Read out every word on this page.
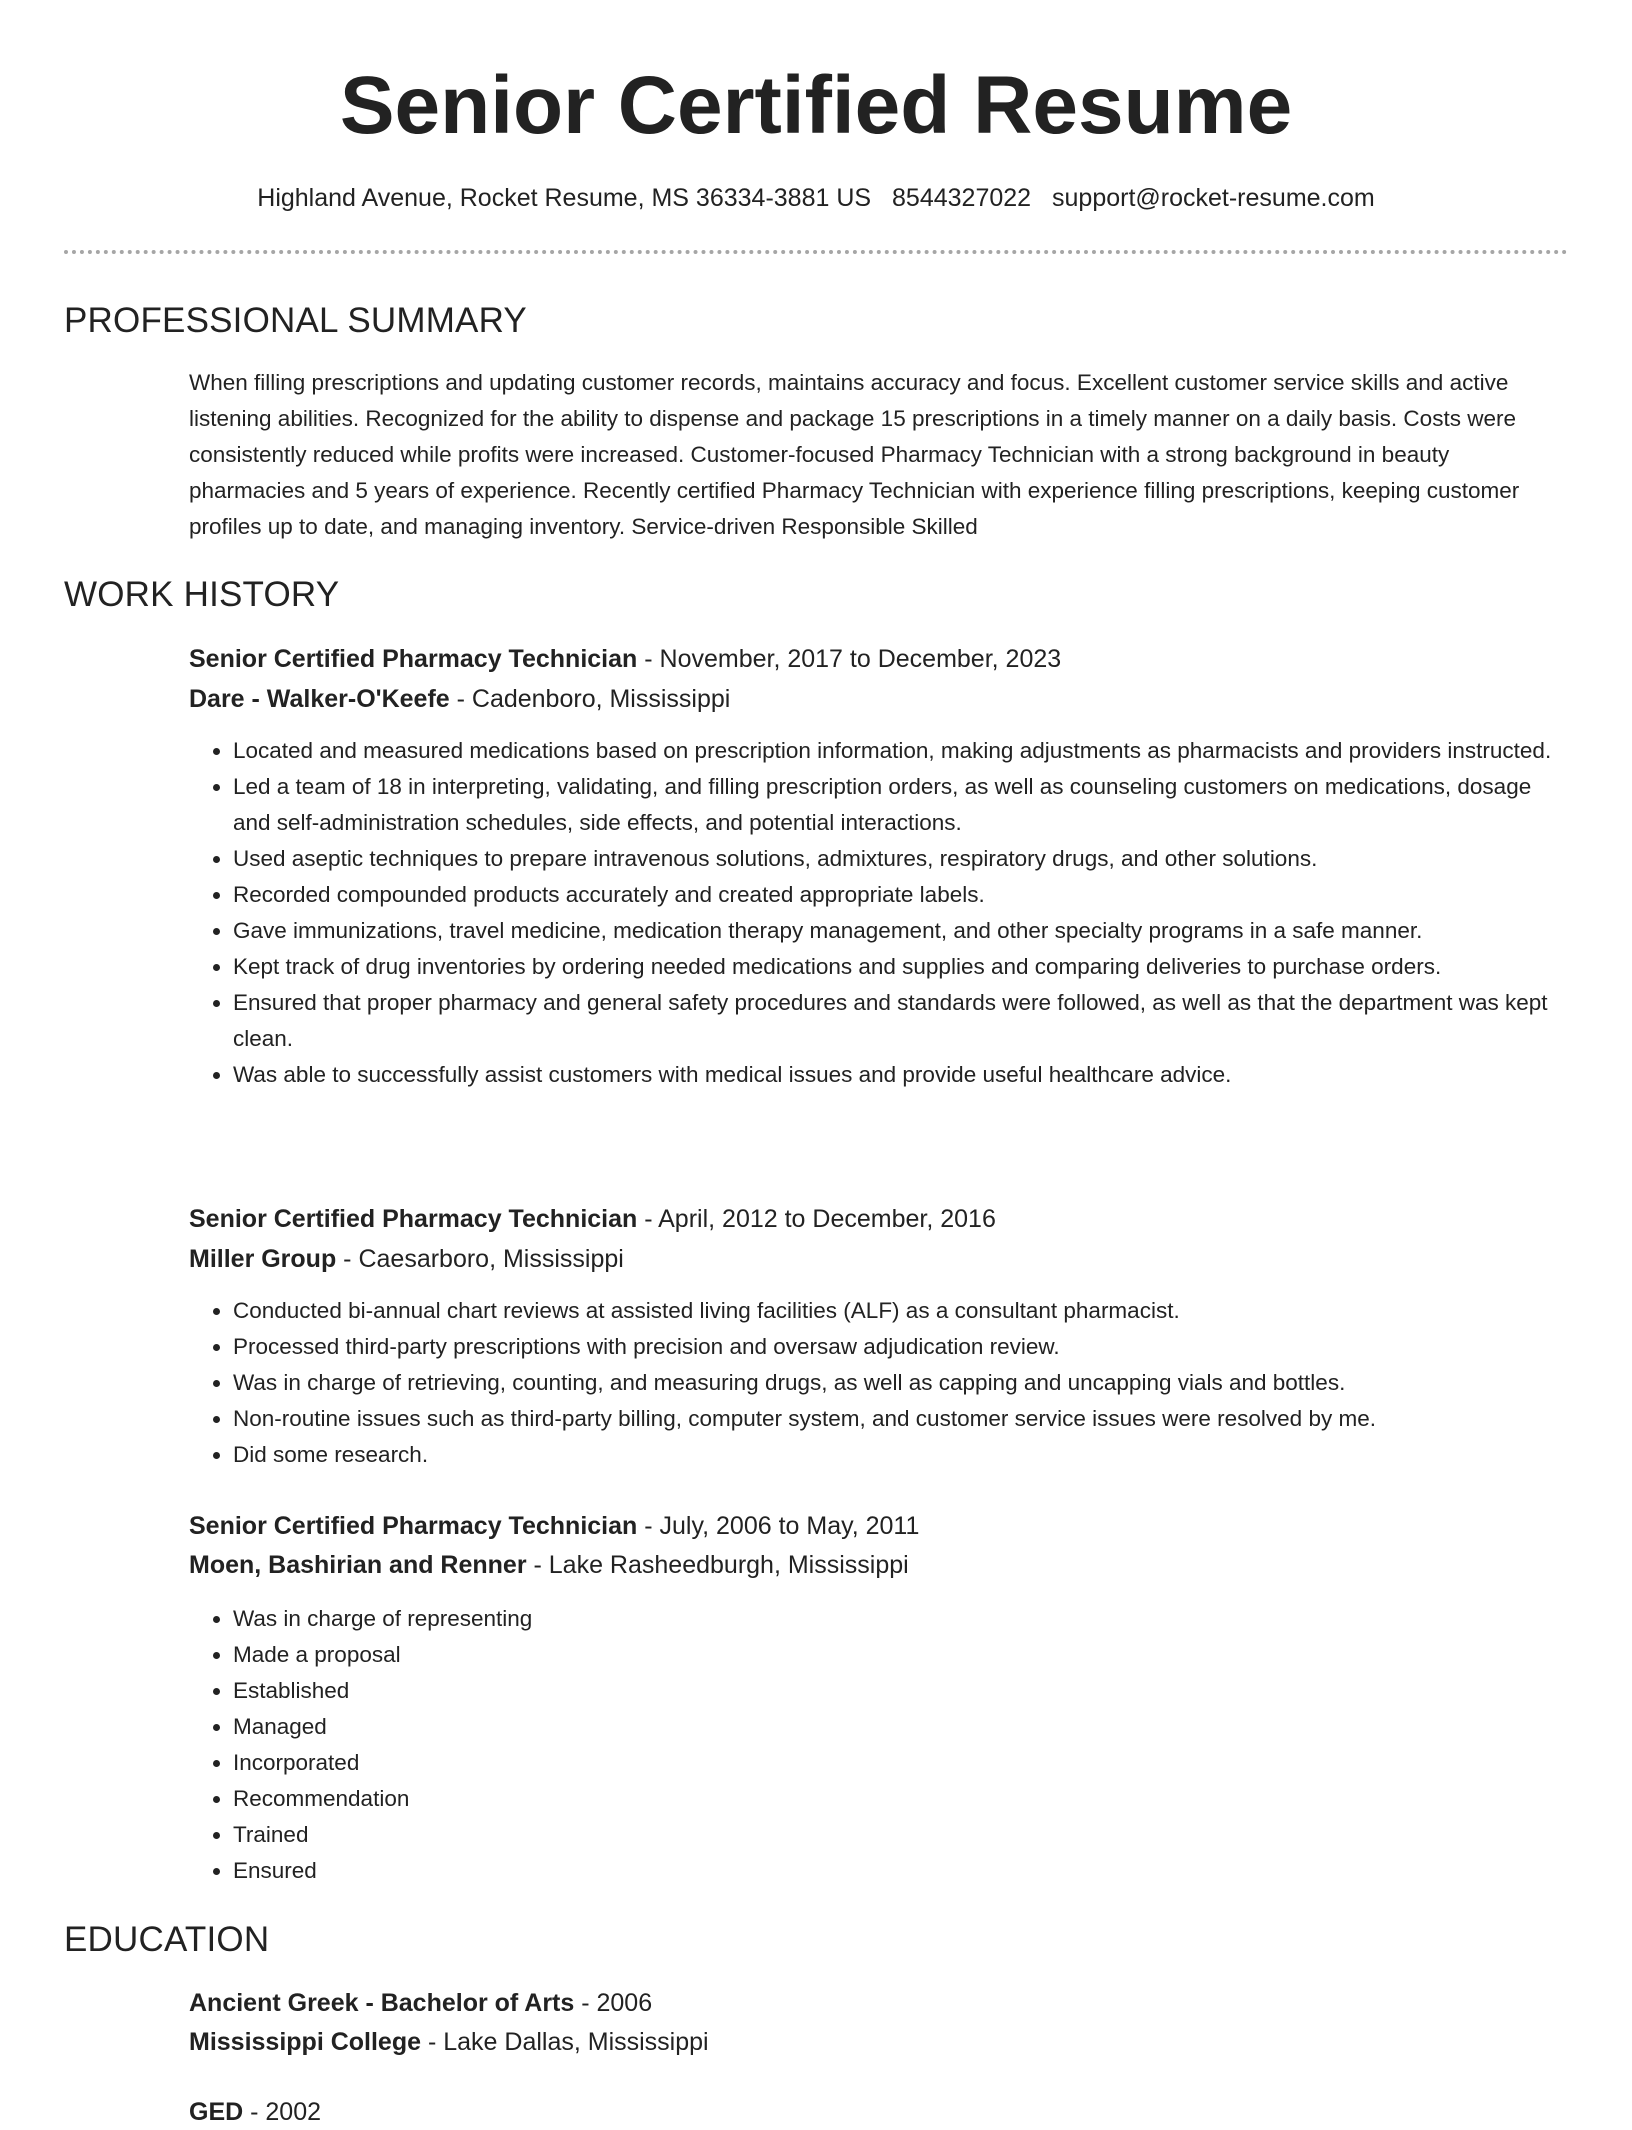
Senior Certified Resume
Highland Avenue, Rocket Resume, MS 36334-3881 US 8544327022 support@rocket-resume.com
PROFESSIONAL SUMMARY
When filling prescriptions and updating customer records, maintains accuracy and focus. Excellent customer service skills and active listening abilities. Recognized for the ability to dispense and package 15 prescriptions in a timely manner on a daily basis. Costs were consistently reduced while profits were increased. Customer-focused Pharmacy Technician with a strong background in beauty pharmacies and 5 years of experience. Recently certified Pharmacy Technician with experience filling prescriptions, keeping customer profiles up to date, and managing inventory. Service-driven Responsible Skilled
WORK HISTORY
Senior Certified Pharmacy Technician - November, 2017 to December, 2023
Dare - Walker-O'Keefe - Cadenboro, Mississippi
• Located and measured medications based on prescription information, making adjustments as pharmacists and providers instructed.
• Led a team of 18 in interpreting, validating, and filling prescription orders, as well as counseling customers on medications, dosage and self-administration schedules, side effects, and potential interactions.
• Used aseptic techniques to prepare intravenous solutions, admixtures, respiratory drugs, and other solutions.
• Recorded compounded products accurately and created appropriate labels.
• Gave immunizations, travel medicine, medication therapy management, and other specialty programs in a safe manner.
• Kept track of drug inventories by ordering needed medications and supplies and comparing deliveries to purchase orders.
• Ensured that proper pharmacy and general safety procedures and standards were followed, as well as that the department was kept clean.
• Was able to successfully assist customers with medical issues and provide useful healthcare advice.
Senior Certified Pharmacy Technician - April, 2012 to December, 2016
Miller Group - Caesarboro, Mississippi
• Conducted bi-annual chart reviews at assisted living facilities (ALF) as a consultant pharmacist.
• Processed third-party prescriptions with precision and oversaw adjudication review.
• Was in charge of retrieving, counting, and measuring drugs, as well as capping and uncapping vials and bottles.
• Non-routine issues such as third-party billing, computer system, and customer service issues were resolved by me.
• Did some research.
Senior Certified Pharmacy Technician - July, 2006 to May, 2011
Moen, Bashirian and Renner - Lake Rasheedburgh, Mississippi
• Was in charge of representing
• Made a proposal
• Established
• Managed
• Incorporated
• Recommendation
• Trained
• Ensured
EDUCATION
Ancient Greek - Bachelor of Arts - 2006
Mississippi College - Lake Dallas, Mississippi
GED - 2002
